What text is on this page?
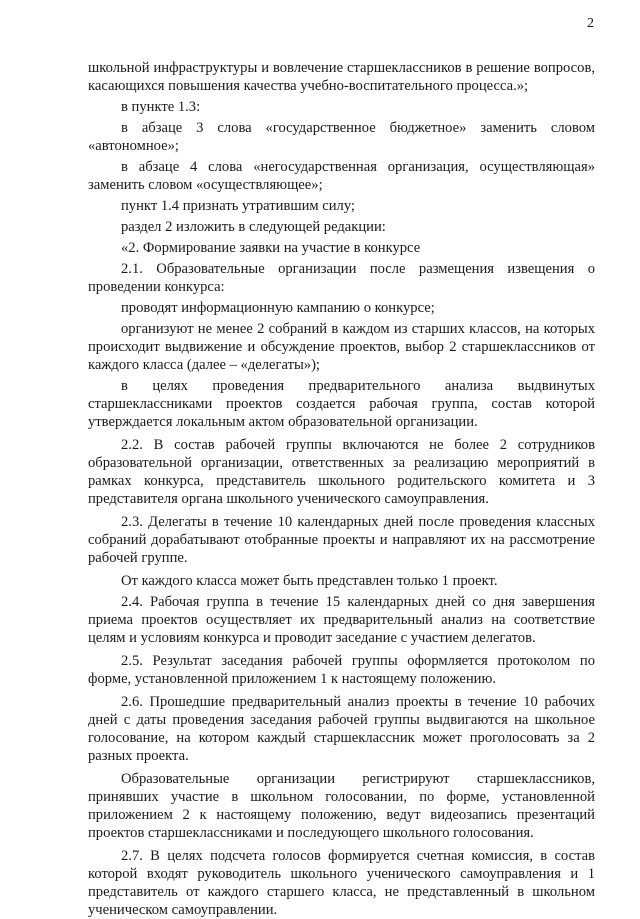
2

школьной инфраструктуры и вовлечение старшеклассников в решение вопросов, касающихся повышения качества учебно-воспитательного процесса.»;

в пункте 1.3:

в абзаце 3 слова «государственное бюджетное» заменить словом «автономное»;

в абзаце 4 слова «негосударственная организация, осуществляющая» заменить словом «осуществляющее»;

пункт 1.4 признать утратившим силу;

раздел 2 изложить в следующей редакции:

«2. Формирование заявки на участие в конкурсе

2.1. Образовательные организации после размещения извещения о проведении конкурса:

проводят информационную кампанию о конкурсе;

организуют не менее 2 собраний в каждом из старших классов, на которых происходит выдвижение и обсуждение проектов, выбор 2 старшеклассников от каждого класса (далее – «делегаты»);

в целях проведения предварительного анализа выдвинутых старшеклассниками проектов создается рабочая группа, состав которой утверждается локальным актом образовательной организации.

2.2. В состав рабочей группы включаются не более 2 сотрудников образовательной организации, ответственных за реализацию мероприятий в рамках конкурса, представитель школьного родительского комитета и 3 представителя органа школьного ученического самоуправления.

2.3. Делегаты в течение 10 календарных дней после проведения классных собраний дорабатывают отобранные проекты и направляют их на рассмотрение рабочей группе.

От каждого класса может быть представлен только 1 проект.

2.4. Рабочая группа в течение 15 календарных дней со дня завершения приема проектов осуществляет их предварительный анализ на соответствие целям и условиям конкурса и проводит заседание с участием делегатов.

2.5. Результат заседания рабочей группы оформляется протоколом по форме, установленной приложением 1 к настоящему положению.

2.6. Прошедшие предварительный анализ проекты в течение 10 рабочих дней с даты проведения заседания рабочей группы выдвигаются на школьное голосование, на котором каждый старшеклассник может проголосовать за 2 разных проекта.

Образовательные организации регистрируют старшеклассников, принявших участие в школьном голосовании, по форме, установленной приложением 2 к настоящему положению, ведут видеозапись презентаций проектов старшеклассниками и последующего школьного голосования.

2.7. В целях подсчета голосов формируется счетная комиссия, в состав которой входят руководитель школьного ученического самоуправления и 1 представитель от каждого старшего класса, не представленный в школьном ученическом самоуправлении.
